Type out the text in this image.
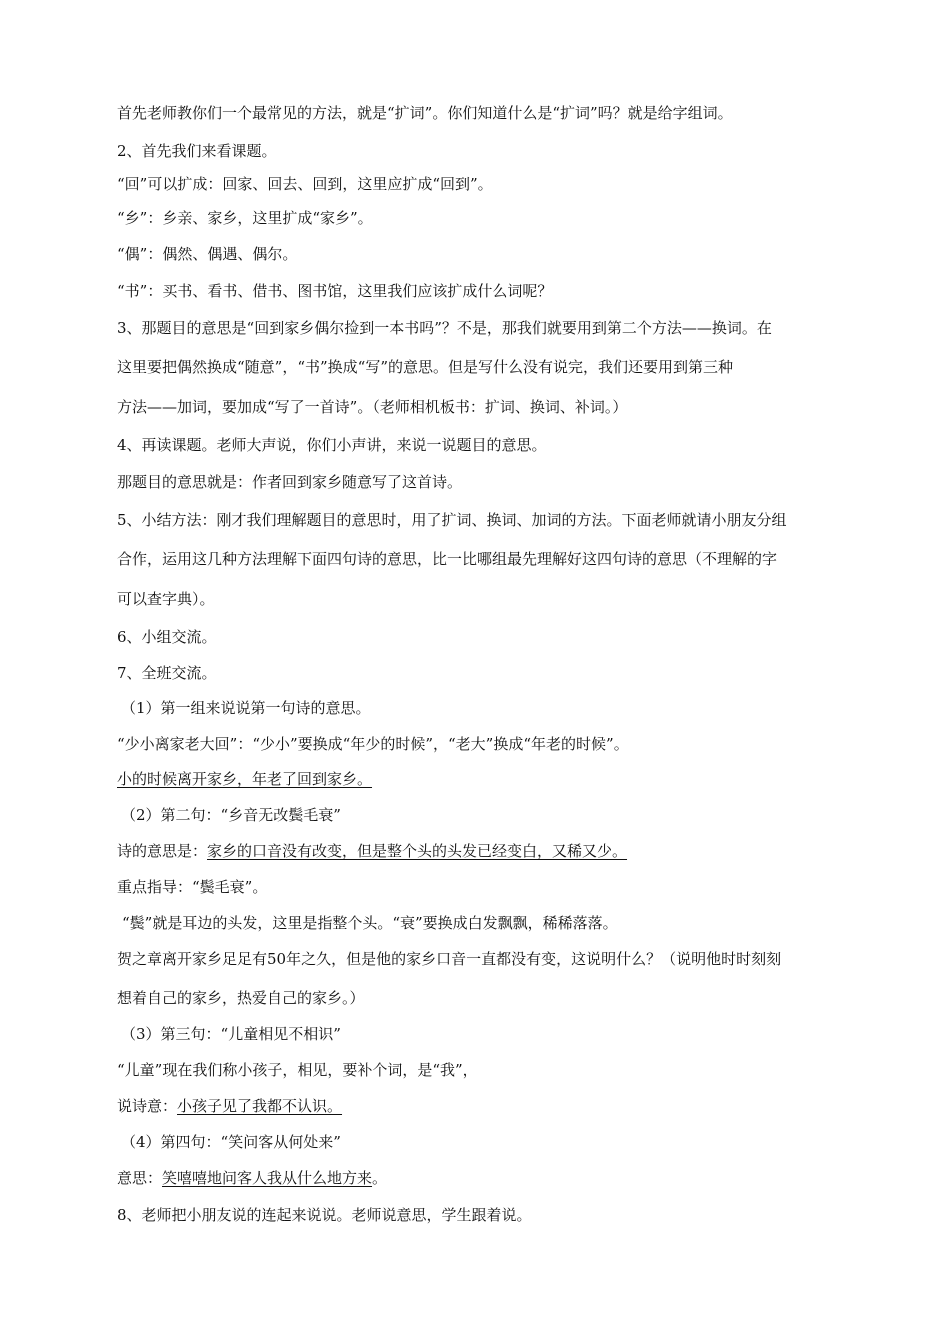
首先老师教你们一个最常见的方法，就是“扩词”。你们知道什么是“扩词”吗？就是给字组词。
2、首先我们来看课题。
“回”可以扩成：回家、回去、回到，这里应扩成“回到”。
“乡”：乡亲、家乡，这里扩成“家乡”。
“偶”：偶然、偶遇、偶尔。
“书”：买书、看书、借书、图书馆，这里我们应该扩成什么词呢？
3、那题目的意思是“回到家乡偶尔捡到一本书吗”？不是，那我们就要用到第二个方法——换词。在
这里要把偶然换成“随意”，“书”换成“写”的意思。但是写什么没有说完，我们还要用到第三种
方法——加词，要加成“写了一首诗”。（老师相机板书：扩词、换词、补词。）
4、再读课题。老师大声说，你们小声讲，来说一说题目的意思。
那题目的意思就是：作者回到家乡随意写了这首诗。
5、小结方法：刚才我们理解题目的意思时，用了扩词、换词、加词的方法。下面老师就请小朋友分组
合作，运用这几种方法理解下面四句诗的意思，比一比哪组最先理解好这四句诗的意思（不理解的字
可以查字典）。
6、小组交流。
7、全班交流。
（1）第一组来说说第一句诗的意思。
“少小离家老大回”：“少小”要换成“年少的时候”，“老大”换成“年老的时候”。
小的时候离开家乡，年老了回到家乡。
（2）第二句：“乡音无改鬓毛衰”
诗的意思是：家乡的口音没有改变，但是整个头的头发已经变白，又稀又少。
重点指导：“鬓毛衰”。
“鬓”就是耳边的头发，这里是指整个头。“衰”要换成白发飘飘，稀稀落落。
贺之章离开家乡足足有50年之久，但是他的家乡口音一直都没有变，这说明什么？（说明他时时刻刻
想着自己的家乡，热爱自己的家乡。）
（3）第三句：“儿童相见不相识”
“儿童”现在我们称小孩子，相见，要补个词，是“我”，
说诗意：小孩子见了我都不认识。
（4）第四句：“笑问客从何处来”
意思：笑嘻嘻地问客人我从什么地方来。
8、老师把小朋友说的连起来说说。老师说意思，学生跟着说。
